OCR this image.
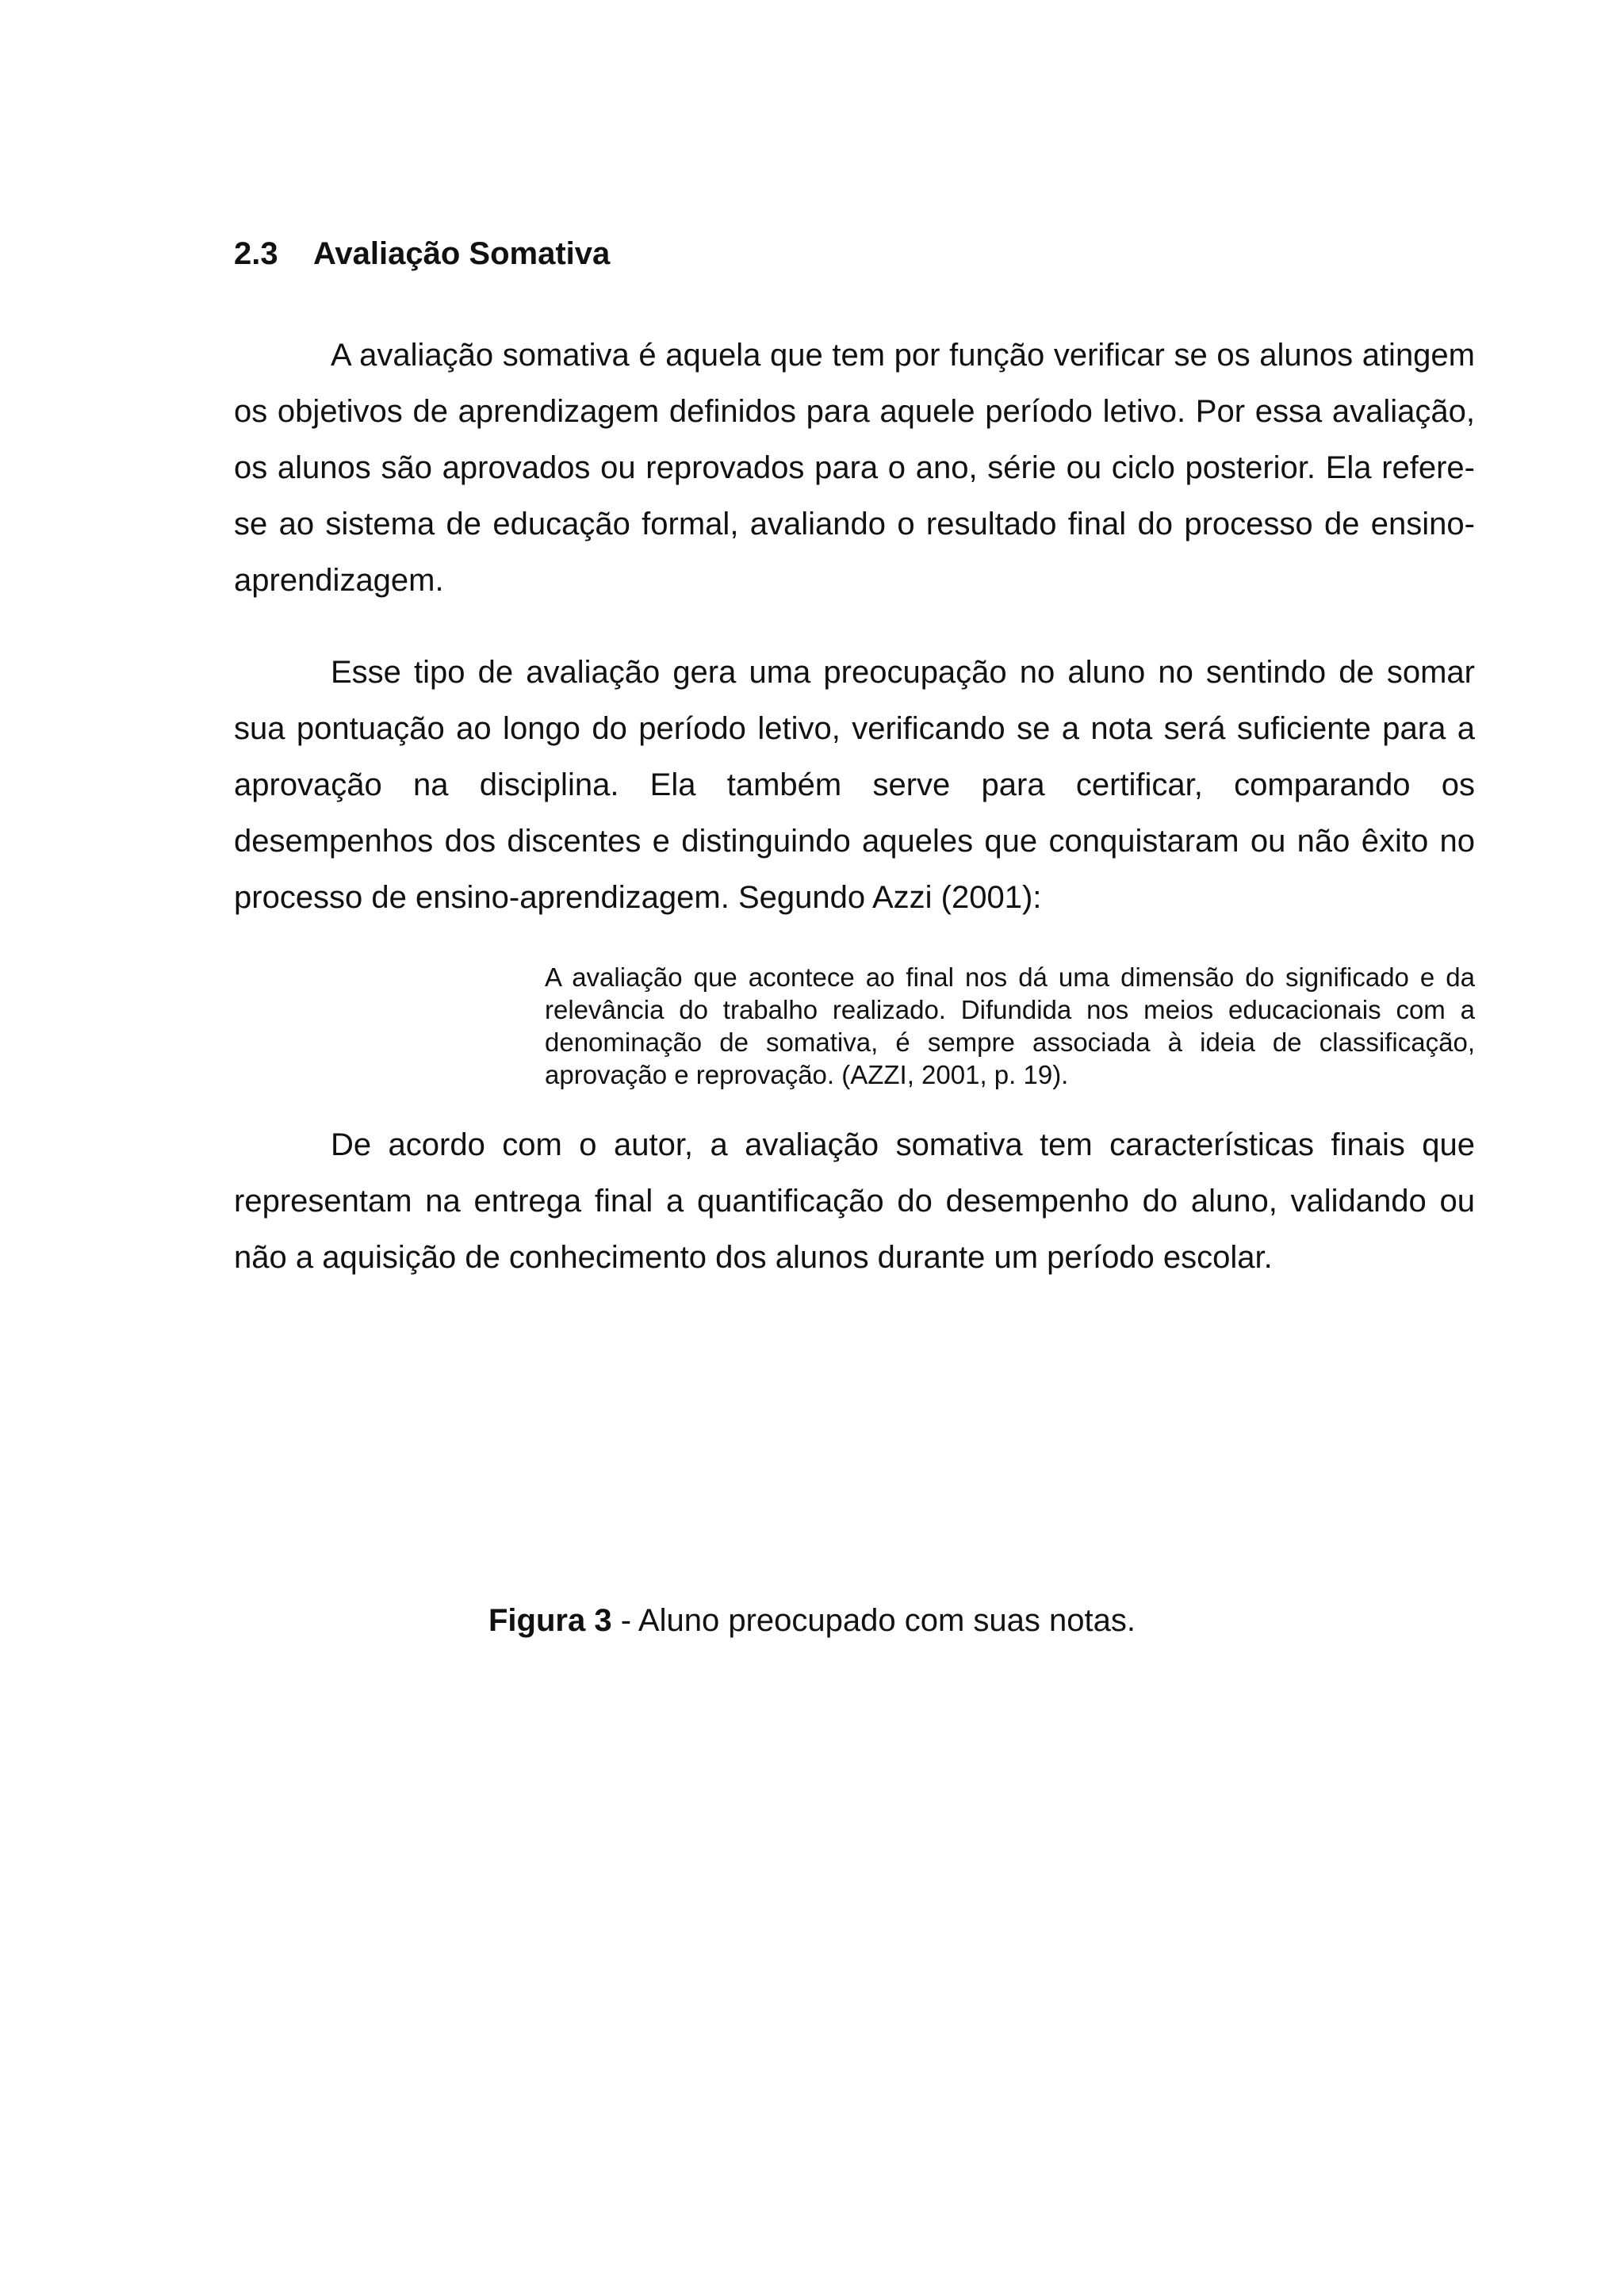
2.3 Avaliação Somativa

A avaliação somativa é aquela que tem por função verificar se os alunos atingem os objetivos de aprendizagem definidos para aquele período letivo. Por essa avaliação, os alunos são aprovados ou reprovados para o ano, série ou ciclo posterior. Ela refere-se ao sistema de educação formal, avaliando o resultado final do processo de ensino-aprendizagem.

Esse tipo de avaliação gera uma preocupação no aluno no sentindo de somar sua pontuação ao longo do período letivo, verificando se a nota será suficiente para a aprovação na disciplina. Ela também serve para certificar, comparando os desempenhos dos discentes e distinguindo aqueles que conquistaram ou não êxito no processo de ensino-aprendizagem. Segundo Azzi (2001):

A avaliação que acontece ao final nos dá uma dimensão do significado e da relevância do trabalho realizado. Difundida nos meios educacionais com a denominação de somativa, é sempre associada à ideia de classificação, aprovação e reprovação. (AZZI, 2001, p. 19).

De acordo com o autor, a avaliação somativa tem características finais que representam na entrega final a quantificação do desempenho do aluno, validando ou não a aquisição de conhecimento dos alunos durante um período escolar.

Figura 3 - Aluno preocupado com suas notas.
